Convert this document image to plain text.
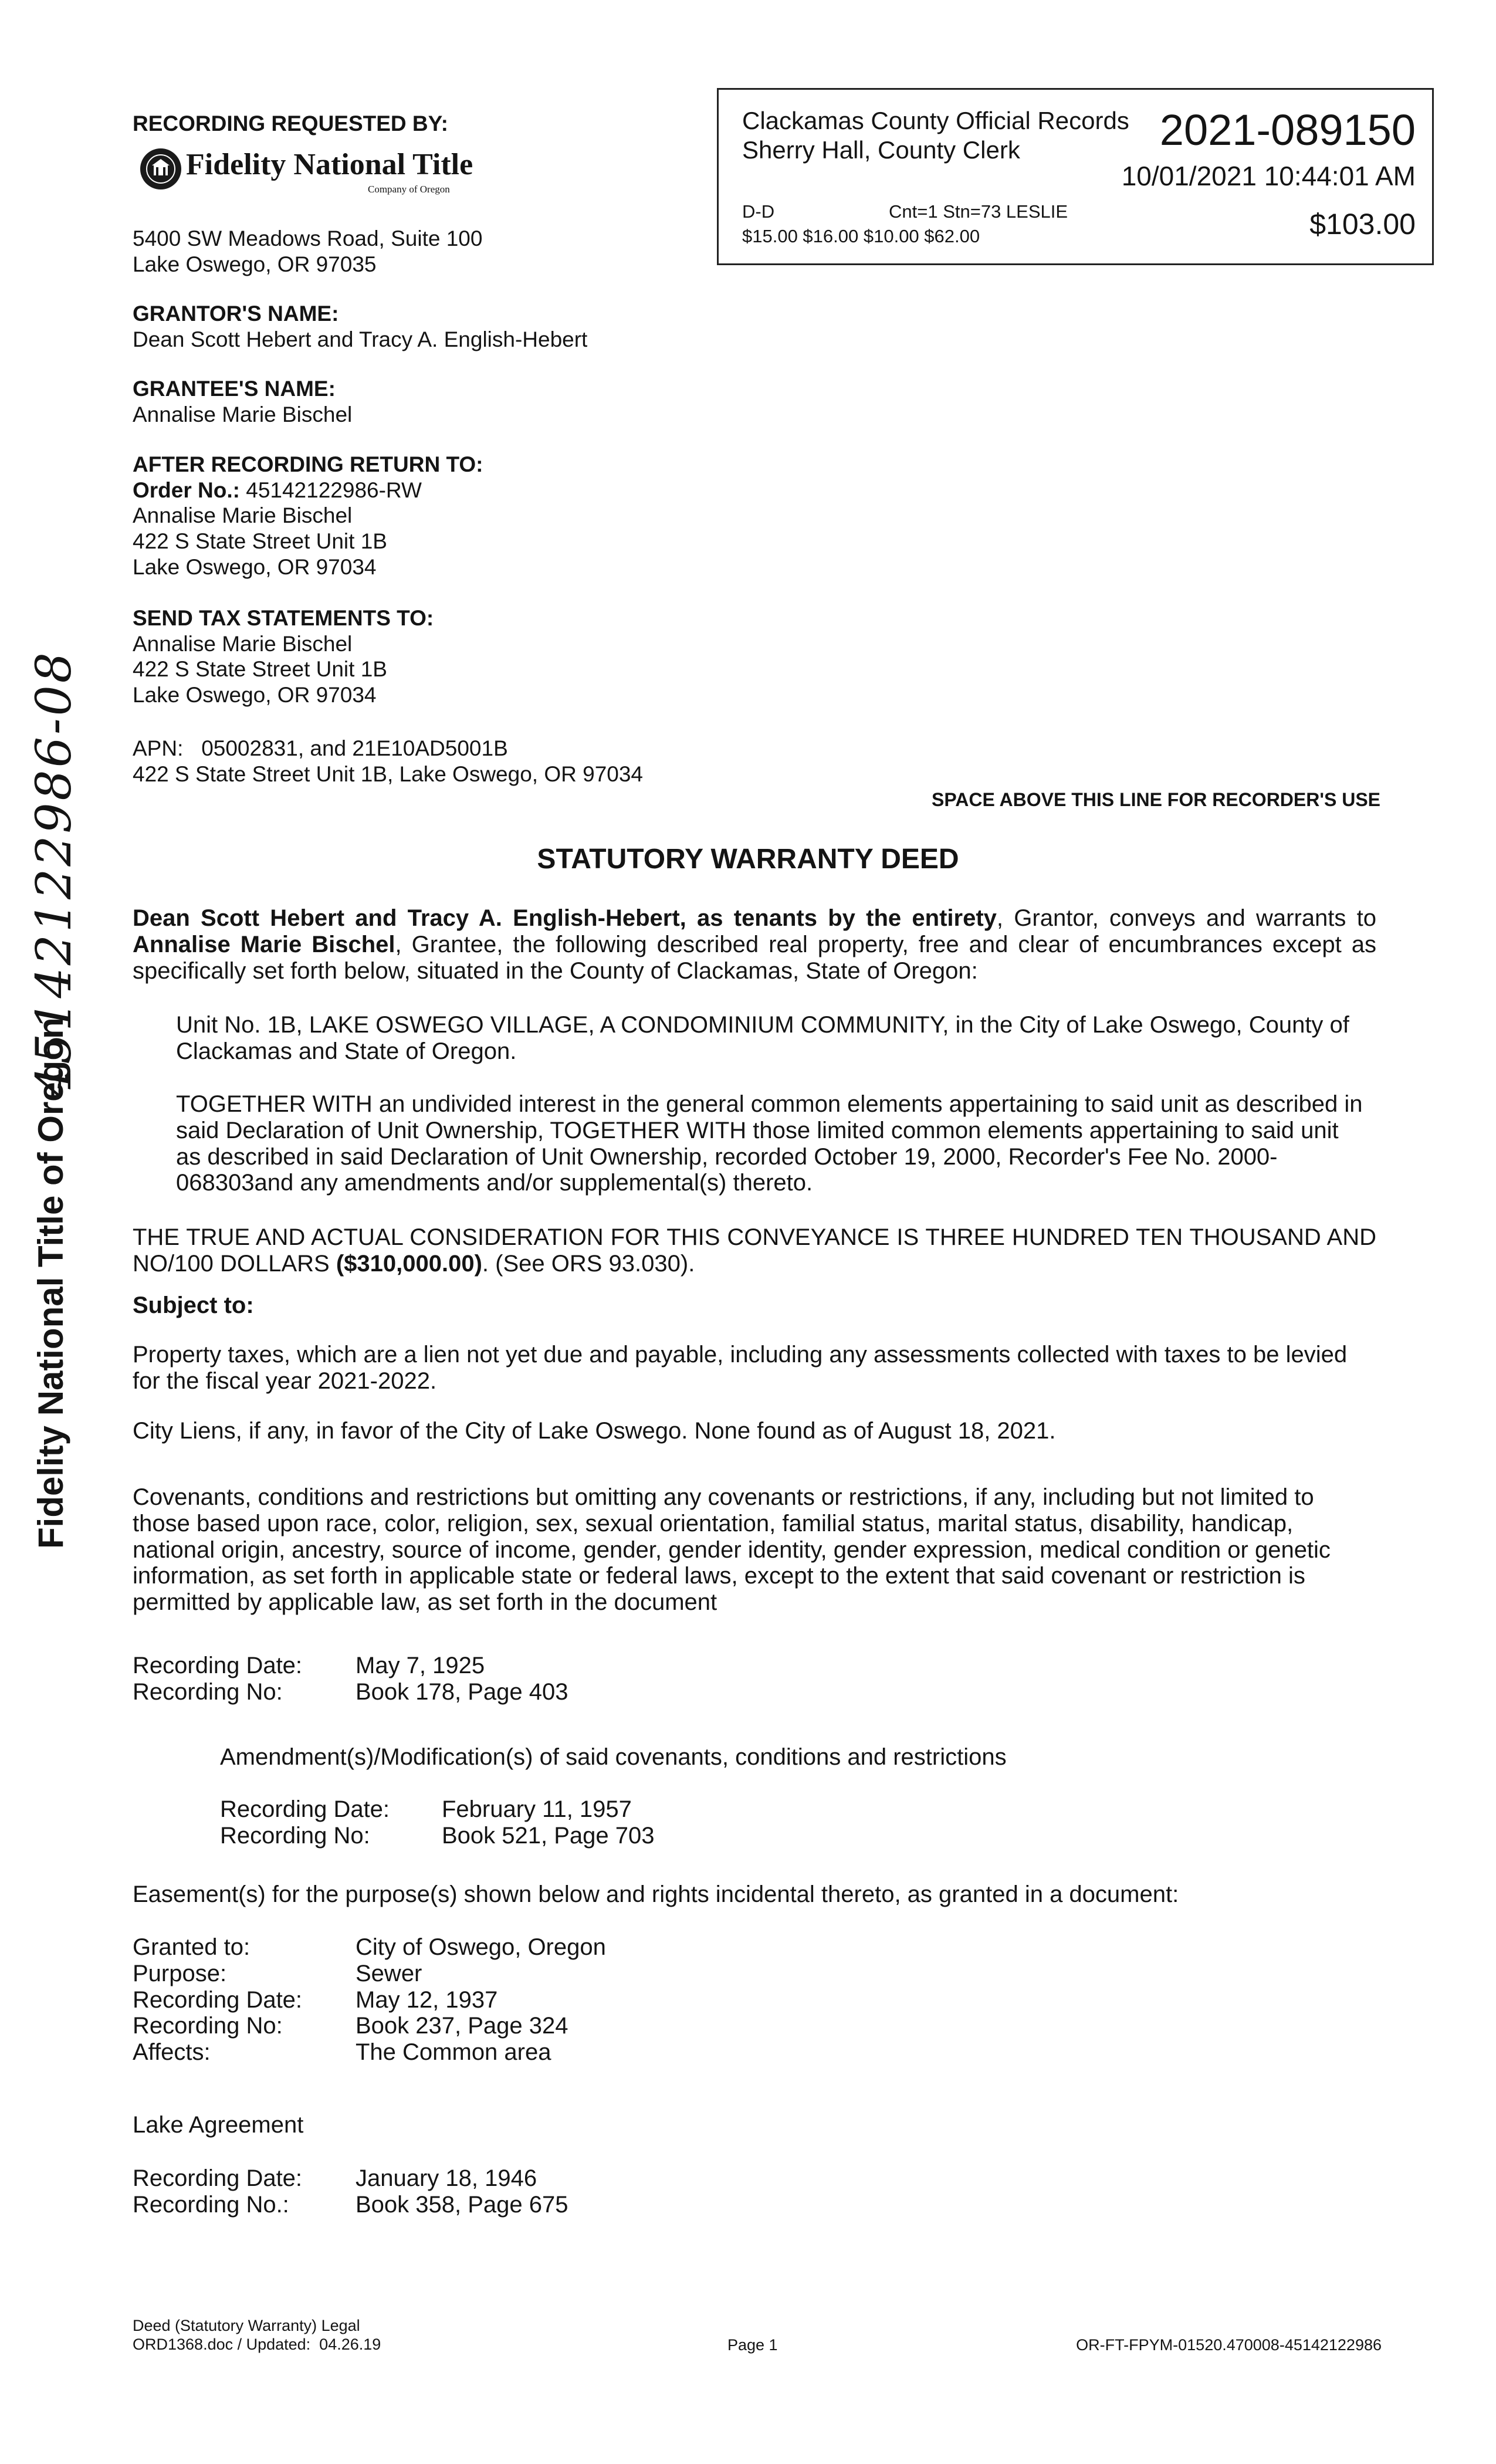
Clackamas County Official Records
Sherry Hall, County Clerk	2021-089150
10/01/2021 10:44:01 AM
D-D	Cnt=1 Stn=73 LESLIE
$15.00 $16.00 $10.00 $62.00	$103.00
RECORDING REQUESTED BY:
Fidelity National Title
Company of Oregon
5400 SW Meadows Road, Suite 100
Lake Oswego, OR 97035
GRANTOR'S NAME:
Dean Scott Hebert and Tracy A. English-Hebert
GRANTEE'S NAME:
Annalise Marie Bischel
AFTER RECORDING RETURN TO:
Order No.: 45142122986-RW
Annalise Marie Bischel
422 S State Street Unit 1B
Lake Oswego, OR 97034
SEND TAX STATEMENTS TO:
Annalise Marie Bischel
422 S State Street Unit 1B
Lake Oswego, OR 97034
APN:   05002831, and 21E10AD5001B
422 S State Street Unit 1B, Lake Oswego, OR 97034
SPACE ABOVE THIS LINE FOR RECORDER'S USE
Fidelity National Title of Oregon
45142122986-08	STATUTORY WARRANTY DEED
Dean Scott Hebert and Tracy A. English-Hebert, as tenants by the entirety, Grantor, conveys and warrants to Annalise Marie Bischel, Grantee, the following described real property, free and clear of encumbrances except as specifically set forth below, situated in the County of Clackamas, State of Oregon:
Unit No. 1B, LAKE OSWEGO VILLAGE, A CONDOMINIUM COMMUNITY, in the City of Lake Oswego, County of Clackamas and State of Oregon.
TOGETHER WITH an undivided interest in the general common elements appertaining to said unit as described in said Declaration of Unit Ownership, TOGETHER WITH those limited common elements appertaining to said unit as described in said Declaration of Unit Ownership, recorded October 19, 2000, Recorder's Fee No. 2000-068303and any amendments and/or supplemental(s) thereto.
THE TRUE AND ACTUAL CONSIDERATION FOR THIS CONVEYANCE IS THREE HUNDRED TEN THOUSAND AND NO/100 DOLLARS ($310,000.00). (See ORS 93.030).
Subject to:
Property taxes, which are a lien not yet due and payable, including any assessments collected with taxes to be levied for the fiscal year 2021-2022.
City Liens, if any, in favor of the City of Lake Oswego. None found as of August 18, 2021.
Covenants, conditions and restrictions but omitting any covenants or restrictions, if any, including but not limited to those based upon race, color, religion, sex, sexual orientation, familial status, marital status, disability, handicap, national origin, ancestry, source of income, gender, gender identity, gender expression, medical condition or genetic information, as set forth in applicable state or federal laws, except to the extent that said covenant or restriction is permitted by applicable law, as set forth in the document
Recording Date:	May 7, 1925
Recording No:	Book 178, Page 403
Amendment(s)/Modification(s) of said covenants, conditions and restrictions
Recording Date:	February 11, 1957
Recording No:	Book 521, Page 703
Easement(s) for the purpose(s) shown below and rights incidental thereto, as granted in a document:
Granted to:	City of Oswego, Oregon
Purpose:	Sewer
Recording Date:	May 12, 1937
Recording No:	Book 237, Page 324
Affects:	The Common area
Lake Agreement
Recording Date:	January 18, 1946
Recording No.:	Book 358, Page 675
Deed (Statutory Warranty) Legal
ORD1368.doc / Updated:  04.26.19	Page 1	OR-FT-FPYM-01520.470008-45142122986
